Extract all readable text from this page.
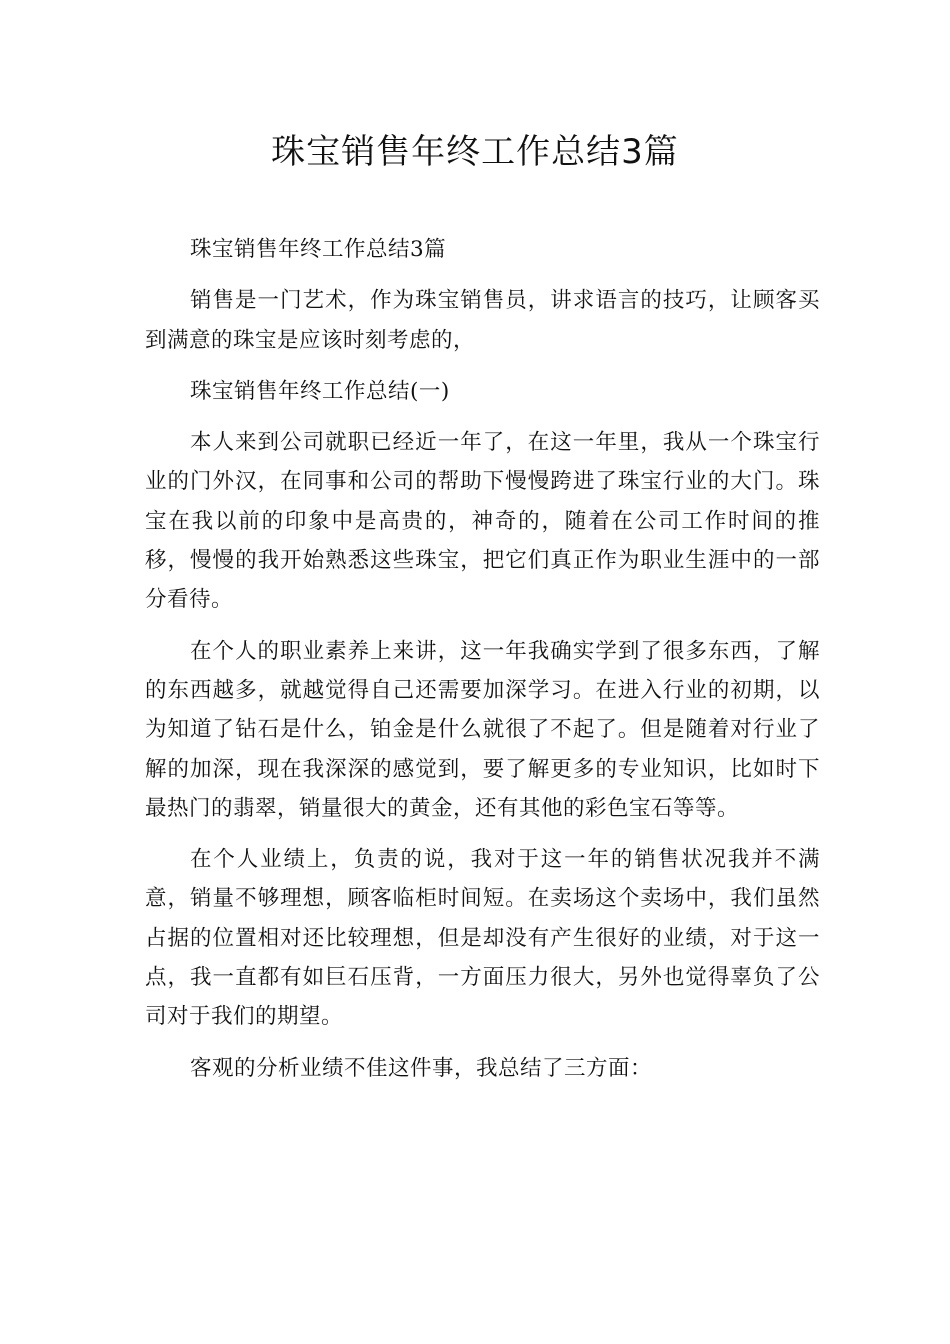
珠宝销售年终工作总结3篇

珠宝销售年终工作总结3篇

销售是一门艺术，作为珠宝销售员，讲求语言的技巧，让顾客买到满意的珠宝是应该时刻考虑的，

珠宝销售年终工作总结(一)

本人来到公司就职已经近一年了，在这一年里，我从一个珠宝行业的门外汉，在同事和公司的帮助下慢慢跨进了珠宝行业的大门。珠宝在我以前的印象中是高贵的，神奇的，随着在公司工作时间的推移，慢慢的我开始熟悉这些珠宝，把它们真正作为职业生涯中的一部分看待。

在个人的职业素养上来讲，这一年我确实学到了很多东西，了解的东西越多，就越觉得自己还需要加深学习。在进入行业的初期，以为知道了钻石是什么，铂金是什么就很了不起了。但是随着对行业了解的加深，现在我深深的感觉到，要了解更多的专业知识，比如时下最热门的翡翠，销量很大的黄金，还有其他的彩色宝石等等。

在个人业绩上，负责的说，我对于这一年的销售状况我并不满意，销量不够理想，顾客临柜时间短。在卖场这个卖场中，我们虽然占据的位置相对还比较理想，但是却没有产生很好的业绩，对于这一点，我一直都有如巨石压背，一方面压力很大，另外也觉得辜负了公司对于我们的期望。

客观的分析业绩不佳这件事，我总结了三方面：
